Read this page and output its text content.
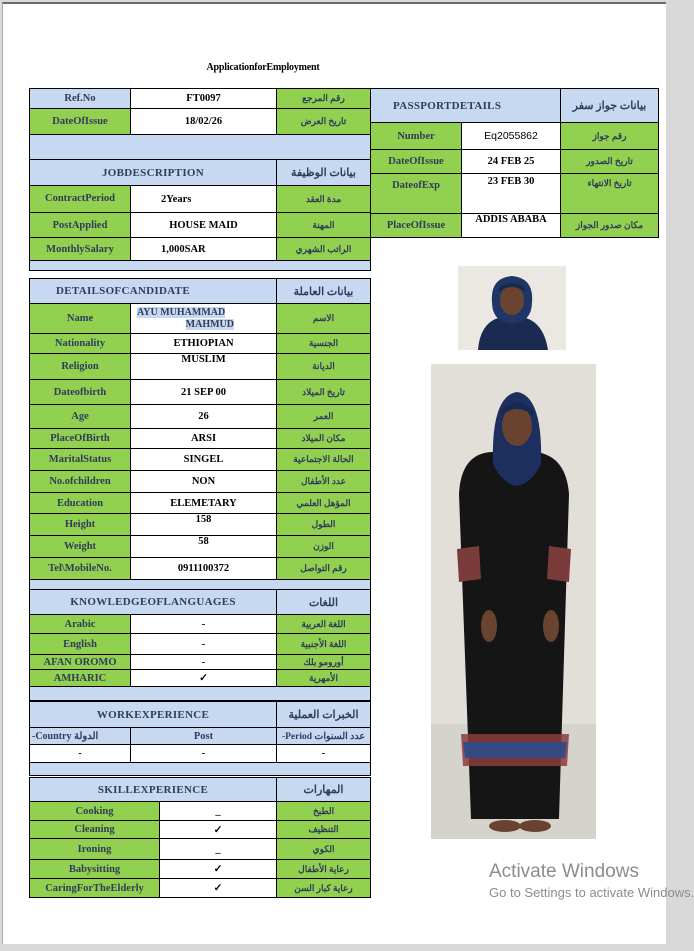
ApplicationforEmployment
Ref.No	FT0097	رقم المرجع
DateOfIssue	18/02/26	تاريخ العرض

JOBDESCRIPTION		بيانات الوظيفة
ContractPeriod	2Years	مدة العقد
PostApplied	HOUSE MAID	المهنة
MonthlySalary	1,000SAR	الراتب الشهري

PASSPORTDETAILS		بيانات جواز سفر
Number	Eq2055862	رقم جواز
DateOfIssue	24 FEB 25	تاريخ الصدور
DateofExp	23 FEB 30	تاريخ الانتهاء
PlaceOfIssue	ADDIS ABABA	مكان صدور الجواز
DETAILSOFCANDIDATE		بيانات العاملة
Name	AYU MUHAMMAD
MAHMUD	الاسم
Nationality	ETHIOPIAN	الجنسية
Religion	MUSLIM	الديانة
Dateofbirth	21 SEP 00	تاريخ الميلاد
Age	26	العمر
PlaceOfBirth	ARSI	مكان الميلاد
MaritalStatus	SINGEL	الحالة الاجتماعية
No.ofchildren	NON	عدد الأطفال
Education	ELEMETARY	المؤهل العلمي
Height	158	الطول
Weight	58	الوزن
Tel\MobileNo.	0911100372	رقم التواصل

KNOWLEDGEOFLANGUAGES		اللغات
Arabic	-	اللغة العربية
English	-	اللغة الأجنبية
AFAN OROMO	-	أورومو بلك
AMHARIC	✓	الأمهرية

WORKEXPERIENCE		الخبرات العملية
-Country الدولة	Post	-Period عدد السنوات
-	-	-

SKILLEXPERIENCE		المهارات
Cooking	_	الطبخ
Cleaning	✓	التنظيف
Ironing	_	الكوي
Babysitting	✓	رعاية الأطفال
CaringForTheElderly	✓	رعاية كبار السن
Activate Windows
Go to Settings to activate Windows.
